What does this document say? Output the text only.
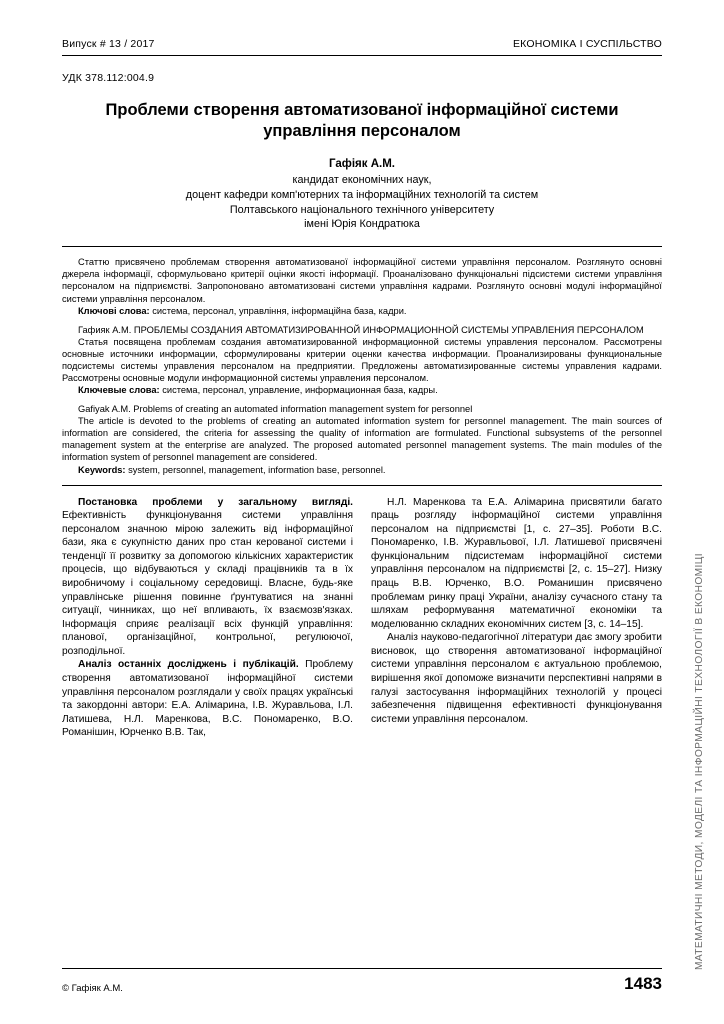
Випуск # 13 / 2017	ЕКОНОМІКА І СУСПІЛЬСТВО
УДК 378.112:004.9
Проблеми створення автоматизованої інформаційної системи управління персоналом
Гафіяк А.М.
кандидат економічних наук,
доцент кафедри комп'ютерних та інформаційних технологій та систем
Полтавського національного технічного університету
імені Юрія Кондратюка

Статтю присвячено проблемам створення автоматизованої інформаційної системи управління персоналом. Розглянуто основні джерела інформації, сформульовано критерії оцінки якості інформації. Проаналізовано функціональні підсистеми системи управління персоналом на підприємстві. Запропоновано автоматизовані системи управління кадрами. Розглянуто основні модулі інформаційної системи управління персоналом.

Ключові слова: система, персонал, управління, інформаційна база, кадри.

Гафияк А.М. ПРОБЛЕМЫ СОЗДАНИЯ АВТОМАТИЗИРОВАННОЙ ИНФОРМАЦИОННОЙ СИСТЕМЫ УПРАВЛЕНИЯ ПЕРСОНАЛОМ

Статья посвящена проблемам создания автоматизированной информационной системы управления персоналом. Рассмотрены основные источники информации, сформулированы критерии оценки качества информации. Проанализированы функциональные подсистемы системы управления персоналом на предприятии. Предложены автоматизированные системы управления кадрами. Рассмотрены основные модули информационной системы управления персоналом.

Ключевые слова: система, персонал, управление, информационная база, кадры.

Gafiyak A.M. Problems of creating an automated information management system for personnel

The article is devoted to the problems of creating an automated information system for personnel management. The main sources of information are considered, the criteria for assessing the quality of information are formulated. Functional subsystems of the personnel management system at the enterprise are analyzed. The proposed automated personnel management systems. The main modules of the information system of personnel management are considered.

Keywords: system, personnel, management, information base, personnel.

Постановка проблеми у загальному вигляді. Ефективність функціонування системи управління персоналом значною мірою залежить від інформаційної бази, яка є сукупністю даних про стан керованої системи і тенденції її розвитку за допомогою кількісних характеристик процесів, що відбуваються у складі працівників та в їх виробничому і соціальному середовищі. Власне, будь-яке управлінське рішення повинне ґрунтуватися на знанні ситуації, чинниках, що неї впливають, їх взаємозв'язках. Інформація сприяє реалізації всіх функцій управління: планової, організаційної, контрольної, регулюючої, розподільної.

Аналіз останніх досліджень і публікацій. Проблему створення автоматизованої інформаційної системи управління персоналом розглядали у своїх працях українські та закордонні автори: Е.А. Алімарина, І.В. Журавльова, І.Л. Латишева, Н.Л. Маренкова, В.С. Пономаренко, В.О. Романішин, Юрченко В.В. Так,

Н.Л. Маренкова та Е.А. Алімарина присвятили багато праць розгляду інформаційної системи управління персоналом на підприємстві [1, с. 27–35]. Роботи В.С. Пономаренко, І.В. Журавльової, І.Л. Латишевої присвячені функціональним підсистемам інформаційної системи управління персоналом на підприємстві [2, с. 15–27]. Низку праць В.В. Юрченко, В.О. Романишин присвячено проблемам ринку праці України, аналізу сучасного стану та шляхам реформування математичної економіки та моделюванню складних економічних систем [3, с. 14–15].

Аналіз науково-педагогічної літератури дає змогу зробити висновок, що створення автоматизованої інформаційної системи управління персоналом є актуальною проблемою, вирішення якої допоможе визначити перспективні напрями в галузі застосування інформаційних технологій у процесі забезпечення підвищення ефективності функціонування системи управління персоналом.	МАТЕМАТИЧНІ МЕТОДИ, МОДЕЛІ ТА ІНФОРМАЦІЙНІ ТЕХНОЛОГІЇ В ЕКОНОМІЦІ
© Гафіяк А.М.	1483
